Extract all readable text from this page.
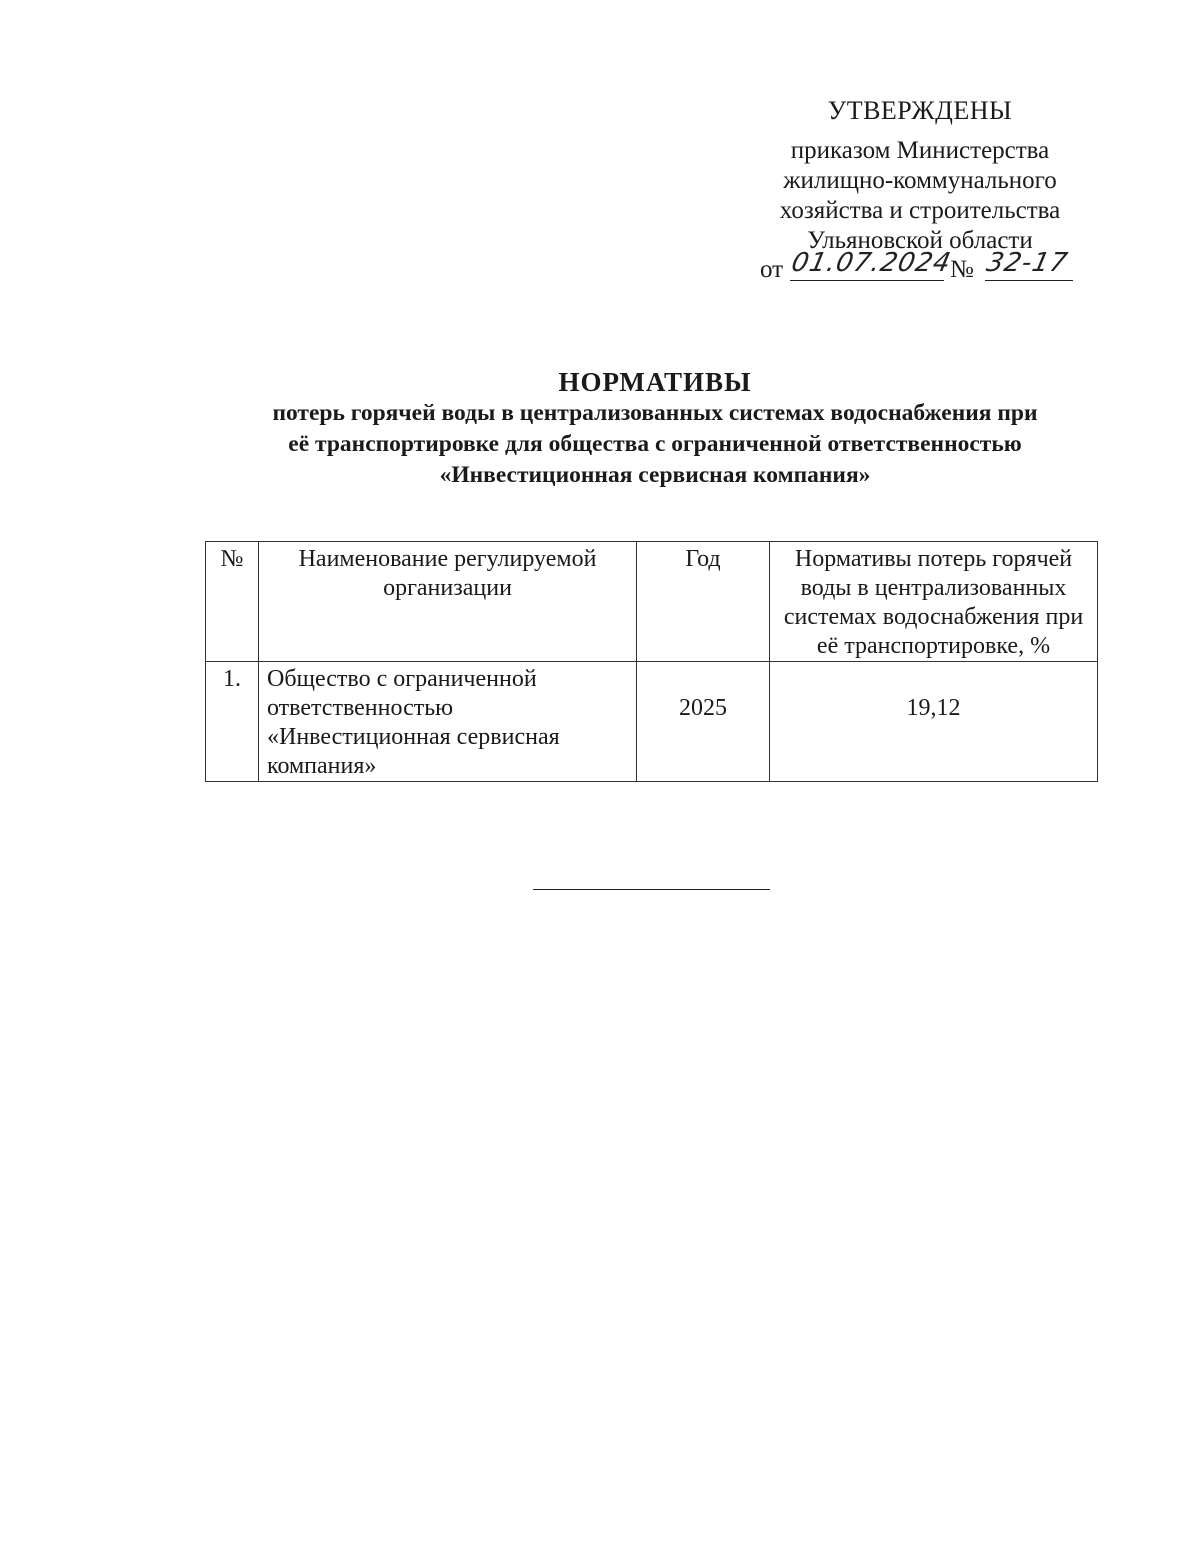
УТВЕРЖДЕНЫ
приказом Министерства
жилищно-коммунального
хозяйства и строительства
Ульяновской области
от 01.07.2024
№ 32-17
НОРМАТИВЫ
потерь горячей воды в централизованных системах водоснабжения при
её транспортировке для общества с ограниченной ответственностью
«Инвестиционная сервисная компания»
№	Наименование регулируемой организации	Год	Нормативы потерь горячей воды в централизованных системах водоснабжения при её транспортировке, %

1.	Общество с ограниченной ответственностью «Инвестиционная сервисная компания»	2025	19,12
